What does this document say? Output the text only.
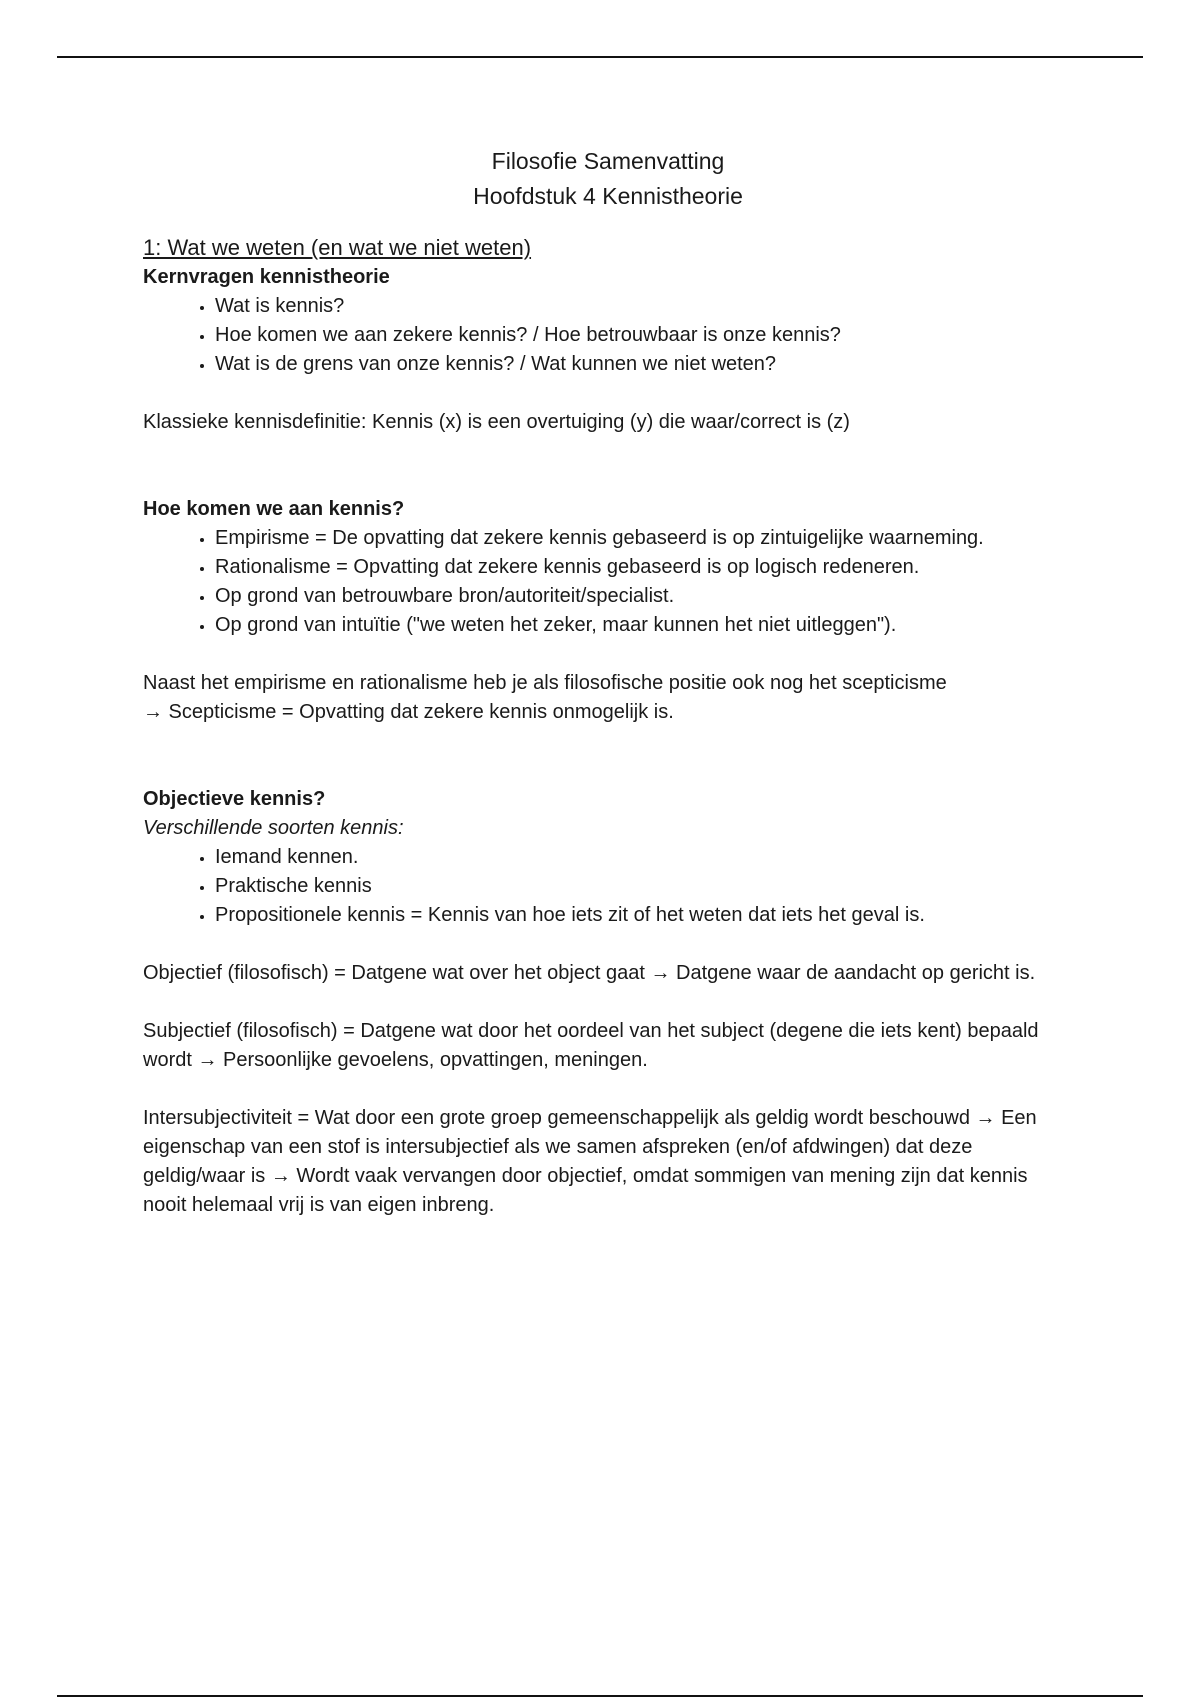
Filosofie Samenvatting
Hoofdstuk 4 Kennistheorie
1: Wat we weten (en wat we niet weten)

Kernvragen kennistheorie

• Wat is kennis?
• Hoe komen we aan zekere kennis? / Hoe betrouwbaar is onze kennis?
• Wat is de grens van onze kennis? / Wat kunnen we niet weten?

Klassieke kennisdefinitie: Kennis (x) is een overtuiging (y) die waar/correct is (z)

Hoe komen we aan kennis?

• Empirisme = De opvatting dat zekere kennis gebaseerd is op zintuigelijke waarneming.
• Rationalisme = Opvatting dat zekere kennis gebaseerd is op logisch redeneren.
• Op grond van betrouwbare bron/autoriteit/specialist.
• Op grond van intuïtie ("we weten het zeker, maar kunnen het niet uitleggen").

Naast het empirisme en rationalisme heb je als filosofische positie ook nog het scepticisme

→ Scepticisme = Opvatting dat zekere kennis onmogelijk is.

Objectieve kennis?

Verschillende soorten kennis:

• Iemand kennen.
• Praktische kennis
• Propositionele kennis = Kennis van hoe iets zit of het weten dat iets het geval is.

Objectief (filosofisch) = Datgene wat over het object gaat → Datgene waar de aandacht op gericht is.

Subjectief (filosofisch) = Datgene wat door het oordeel van het subject (degene die iets kent) bepaald wordt → Persoonlijke gevoelens, opvattingen, meningen.

Intersubjectiviteit = Wat door een grote groep gemeenschappelijk als geldig wordt beschouwd → Een eigenschap van een stof is intersubjectief als we samen afspreken (en/of afdwingen) dat deze geldig/waar is → Wordt vaak vervangen door objectief, omdat sommigen van mening zijn dat kennis nooit helemaal vrij is van eigen inbreng.
